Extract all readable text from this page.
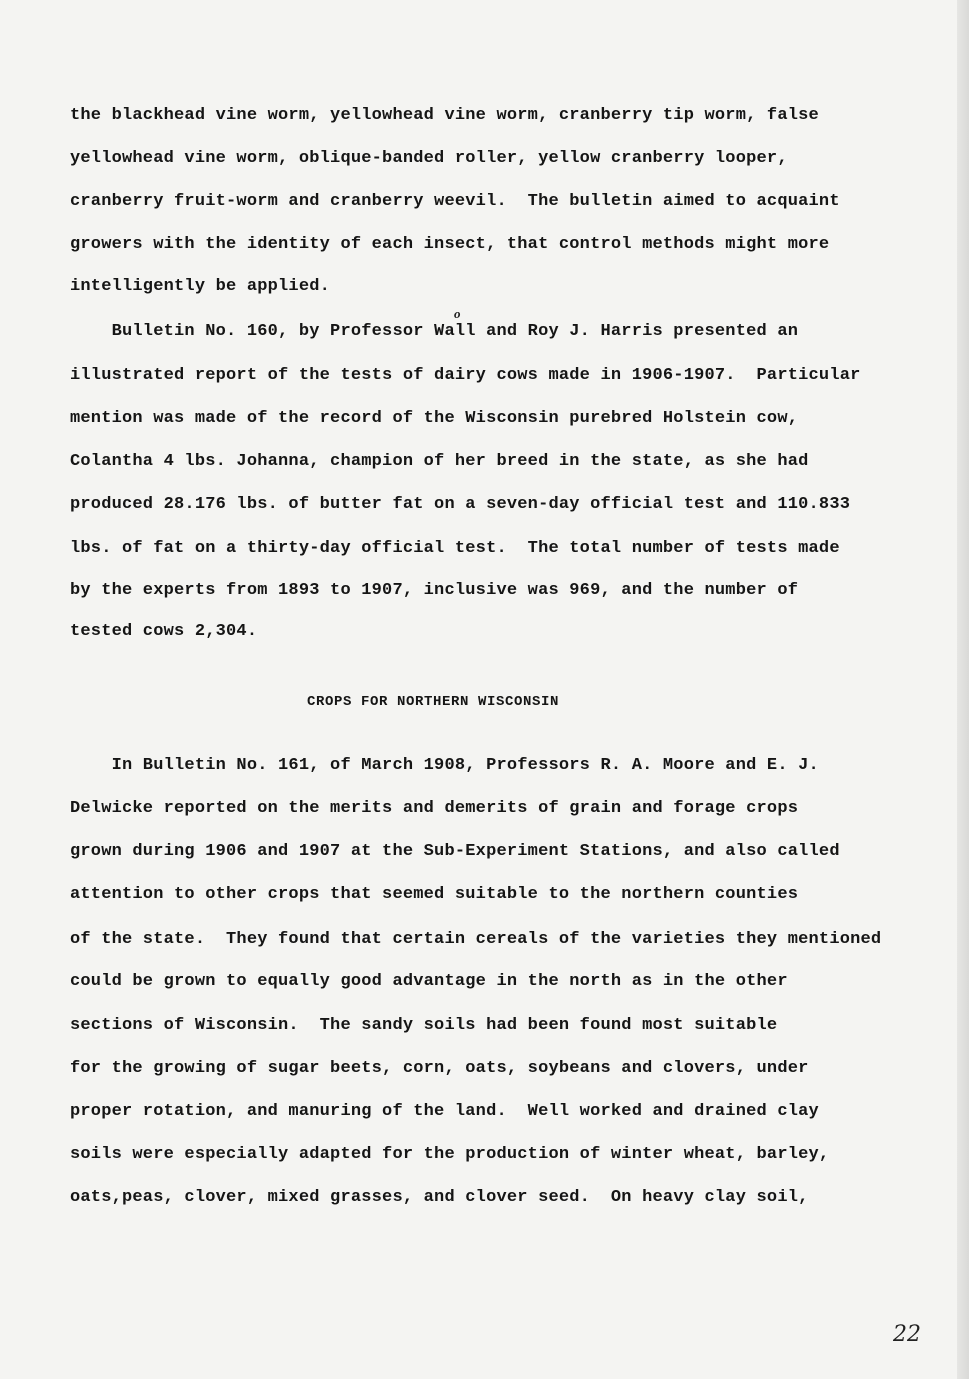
the blackhead vine worm, yellowhead vine worm, cranberry tip worm, false
yellowhead vine worm, oblique-banded roller, yellow cranberry looper,
cranberry fruit-worm and cranberry weevil.  The bulletin aimed to acquaint
growers with the identity of each insect, that control methods might more
intelligently be applied.
o
Bulletin No. 160, by Professor Wall and Roy J. Harris presented an
illustrated report of the tests of dairy cows made in 1906-1907.  Particular
mention was made of the record of the Wisconsin purebred Holstein cow,
Colantha 4 lbs. Johanna, champion of her breed in the state, as she had
produced 28.176 lbs. of butter fat on a seven-day official test and 110.833
lbs. of fat on a thirty-day official test.  The total number of tests made
by the experts from 1893 to 1907, inclusive was 969, and the number of
tested cows 2,304.
CROPS FOR NORTHERN WISCONSIN
In Bulletin No. 161, of March 1908, Professors R. A. Moore and E. J.
Delwicke reported on the merits and demerits of grain and forage crops
grown during 1906 and 1907 at the Sub-Experiment Stations, and also called
attention to other crops that seemed suitable to the northern counties
of the state.  They found that certain cereals of the varieties they mentioned
could be grown to equally good advantage in the north as in the other
sections of Wisconsin.  The sandy soils had been found most suitable
for the growing of sugar beets, corn, oats, soybeans and clovers, under
proper rotation, and manuring of the land.  Well worked and drained clay
soils were especially adapted for the production of winter wheat, barley,
oats,peas, clover, mixed grasses, and clover seed.  On heavy clay soil,
22
